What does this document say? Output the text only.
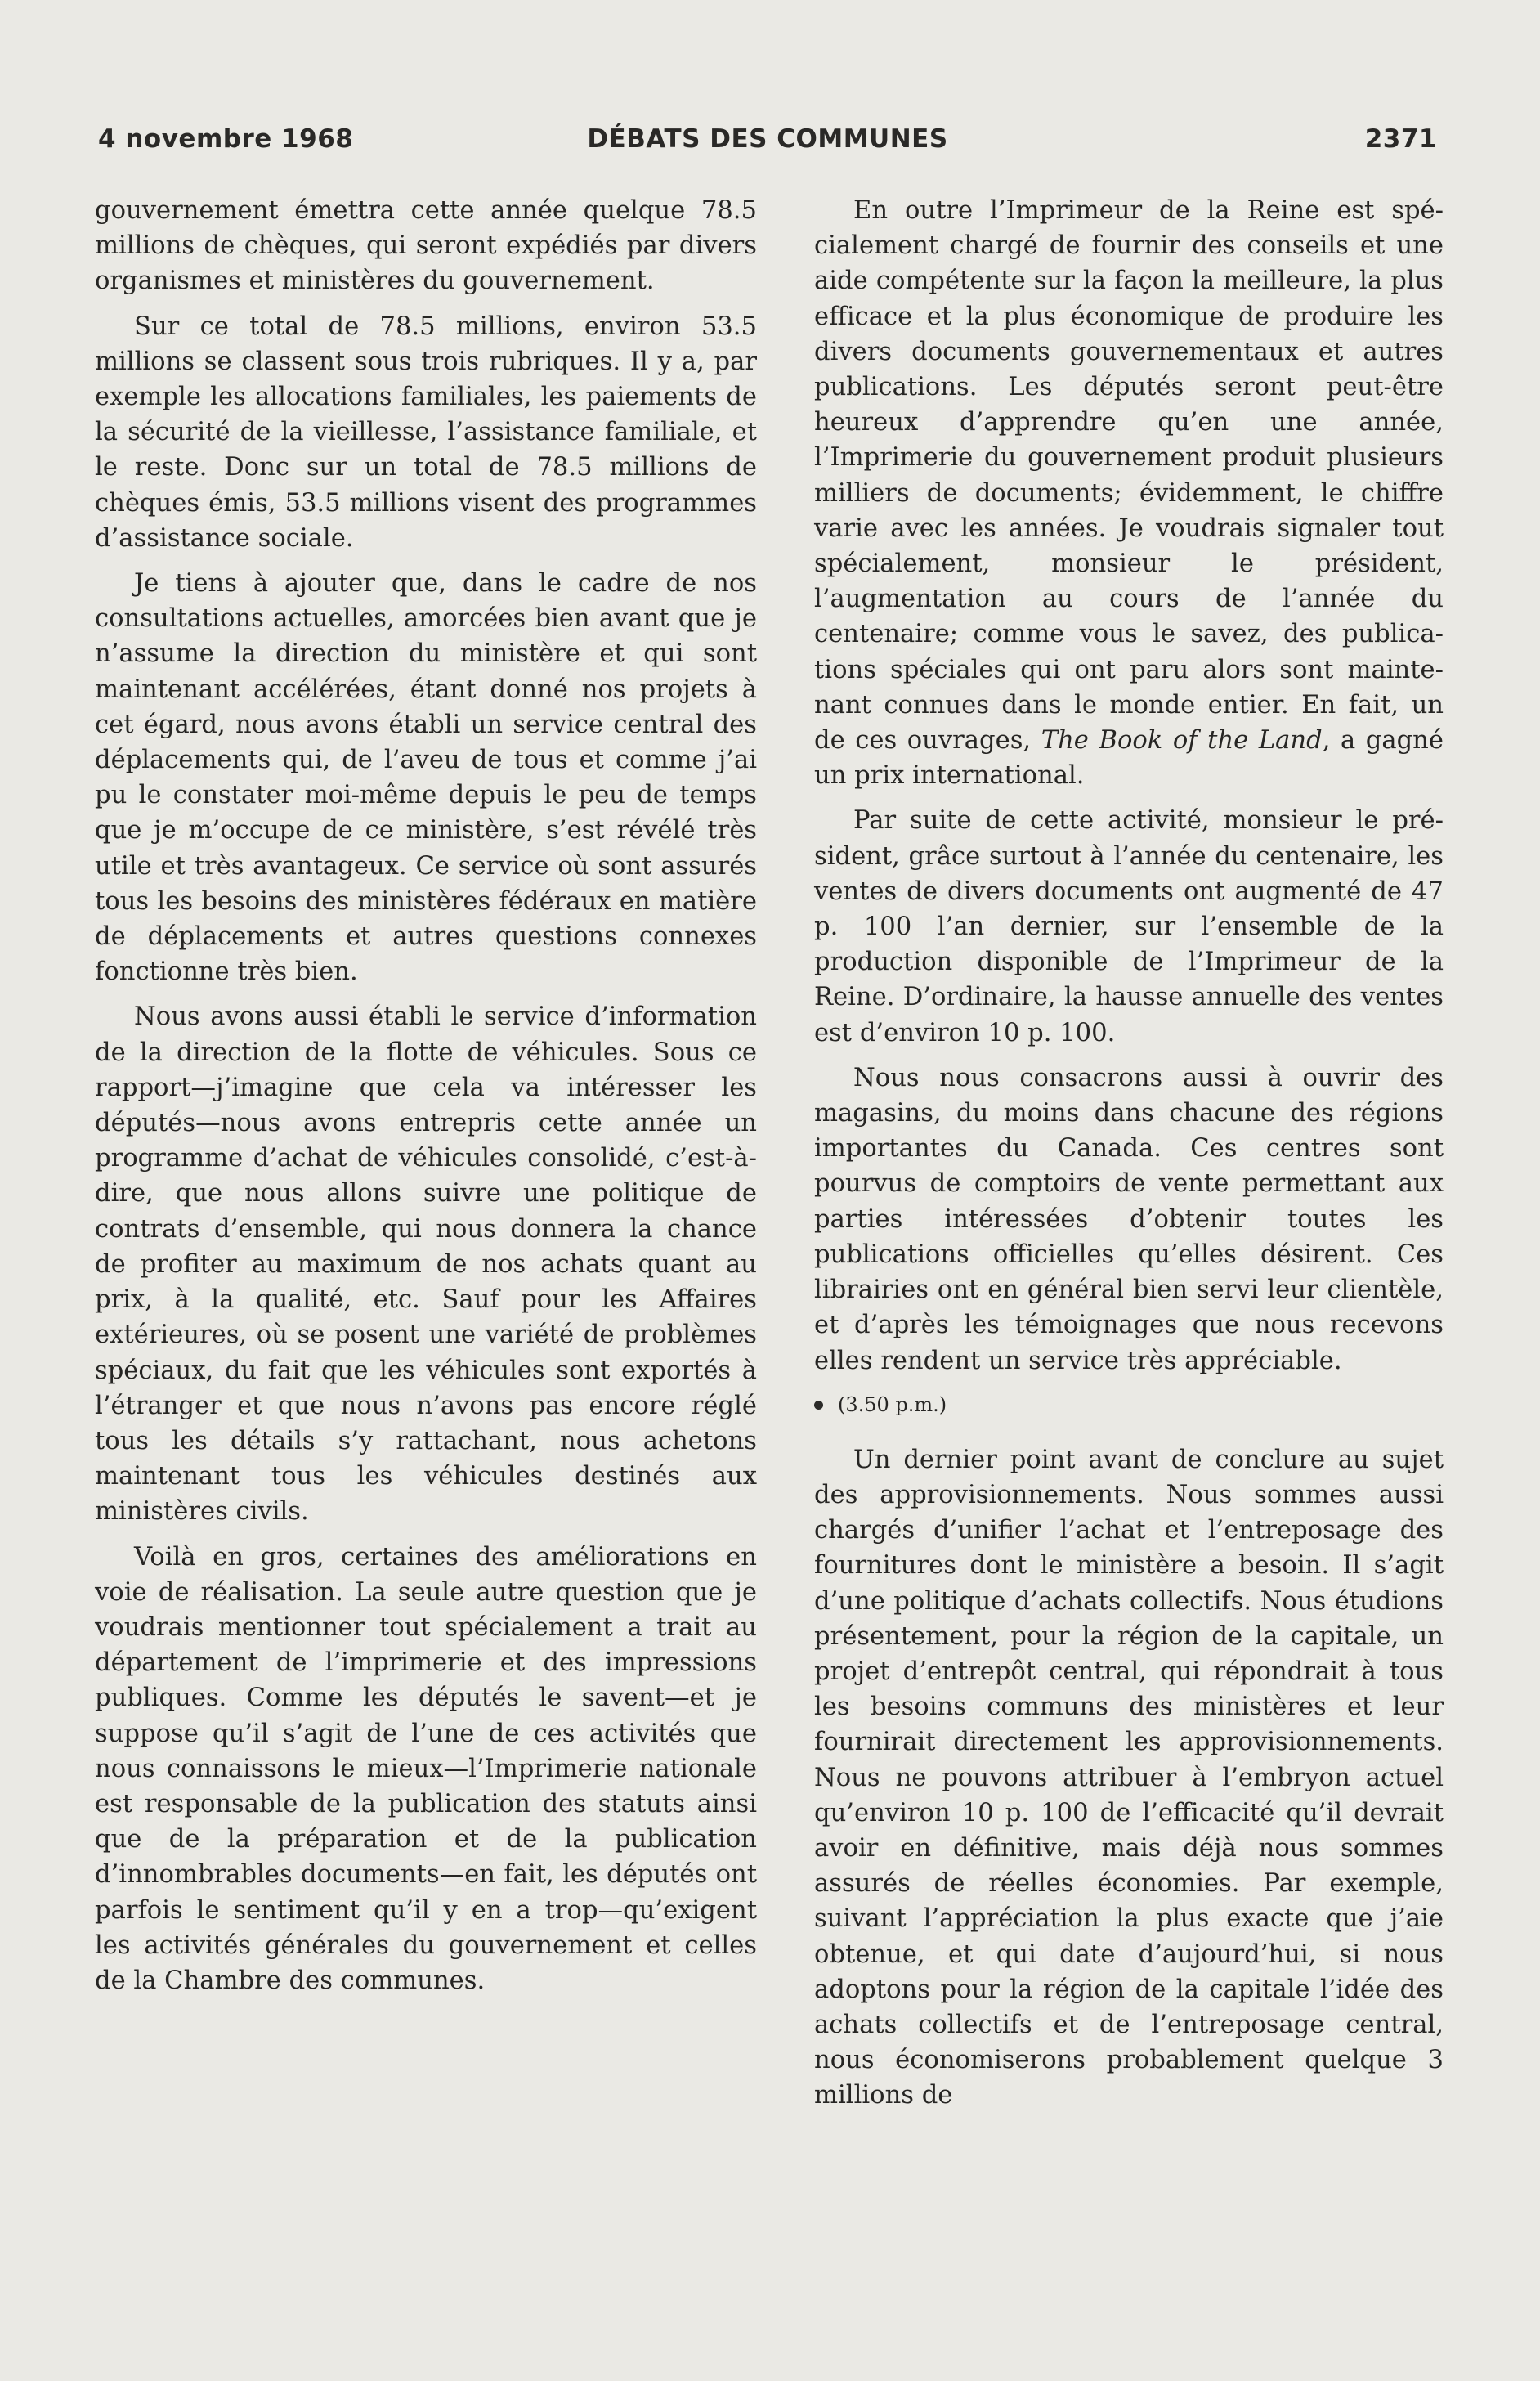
4 novembre 1968	DÉBATS DES COMMUNES	2371

gouvernement émettra cette année quelque 78.5 millions de chèques, qui seront expédiés par divers organismes et ministères du gouvernement.

Sur ce total de 78.5 millions, environ 53.5 millions se classent sous trois rubriques. Il y a, par exemple les allocations familiales, les paiements de la sécurité de la vieillesse, l’assistance familiale, et le reste. Donc sur un total de 78.5 millions de chèques émis, 53.5 millions visent des programmes d’assistance sociale.

Je tiens à ajouter que, dans le cadre de nos consultations actuelles, amorcées bien avant que je n’assume la direction du ministère et qui sont maintenant accélérées, étant donné nos projets à cet égard, nous avons établi un service central des déplacements qui, de l’aveu de tous et comme j’ai pu le constater moi-même depuis le peu de temps que je m’occupe de ce ministère, s’est révélé très utile et très avantageux. Ce service où sont assurés tous les besoins des ministères fédéraux en matière de déplacements et autres questions connexes fonctionne très bien.

Nous avons aussi établi le service d’information de la direction de la flotte de véhicules. Sous ce rapport—j’imagine que cela va intéresser les députés—nous avons entrepris cette année un programme d’achat de véhicules consolidé, c’est-à-dire, que nous allons suivre une politique de contrats d’ensemble, qui nous donnera la chance de profiter au maximum de nos achats quant au prix, à la qualité, etc. Sauf pour les Affaires extérieures, où se posent une variété de problèmes spéciaux, du fait que les véhicules sont exportés à l’étranger et que nous n’avons pas encore réglé tous les détails s’y rattachant, nous achetons maintenant tous les véhicules destinés aux ministères civils.

Voilà en gros, certaines des améliorations en voie de réalisation. La seule autre question que je voudrais mentionner tout spécialement a trait au département de l’imprimerie et des impressions publiques. Comme les députés le savent—et je suppose qu’il s’agit de l’une de ces activités que nous connaissons le mieux—l’Imprimerie nationale est responsable de la publication des statuts ainsi que de la préparation et de la publication d’innombrables documents—en fait, les députés ont parfois le sentiment qu’il y en a trop—qu’exigent les activités générales du gouvernement et celles de la Chambre des communes.

En outre l’Imprimeur de la Reine est spécialement chargé de fournir des conseils et une aide compétente sur la façon la meilleure, la plus efficace et la plus économique de produire les divers documents gouvernementaux et autres publications. Les députés seront peut-être heureux d’apprendre qu’en une année, l’Imprimerie du gouvernement produit plusieurs milliers de documents; évidemment, le chiffre varie avec les années. Je voudrais signaler tout spécialement, monsieur le président, l’augmentation au cours de l’année du centenaire; comme vous le savez, des publications spéciales qui ont paru alors sont maintenant connues dans le monde entier. En fait, un de ces ouvrages, The Book of the Land, a gagné un prix international.

Par suite de cette activité, monsieur le président, grâce surtout à l’année du centenaire, les ventes de divers documents ont augmenté de 47 p. 100 l’an dernier, sur l’ensemble de la production disponible de l’Imprimeur de la Reine. D’ordinaire, la hausse annuelle des ventes est d’environ 10 p. 100.

Nous nous consacrons aussi à ouvrir des magasins, du moins dans chacune des régions importantes du Canada. Ces centres sont pourvus de comptoirs de vente permettant aux parties intéressées d’obtenir toutes les publications officielles qu’elles désirent. Ces librairies ont en général bien servi leur clientèle, et d’après les témoignages que nous recevons elles rendent un service très appréciable.

(3.50 p.m.)

Un dernier point avant de conclure au sujet des approvisionnements. Nous sommes aussi chargés d’unifier l’achat et l’entreposage des fournitures dont le ministère a besoin. Il s’agit d’une politique d’achats collectifs. Nous étudions présentement, pour la région de la capitale, un projet d’entrepôt central, qui répondrait à tous les besoins communs des ministères et leur fournirait directement les approvisionnements. Nous ne pouvons attribuer à l’embryon actuel qu’environ 10 p. 100 de l’efficacité qu’il devrait avoir en définitive, mais déjà nous sommes assurés de réelles économies. Par exemple, suivant l’appréciation la plus exacte que j’aie obtenue, et qui date d’aujourd’hui, si nous adoptons pour la région de la capitale l’idée des achats collectifs et de l’entreposage central, nous économiserons probablement quelque 3 millions de
